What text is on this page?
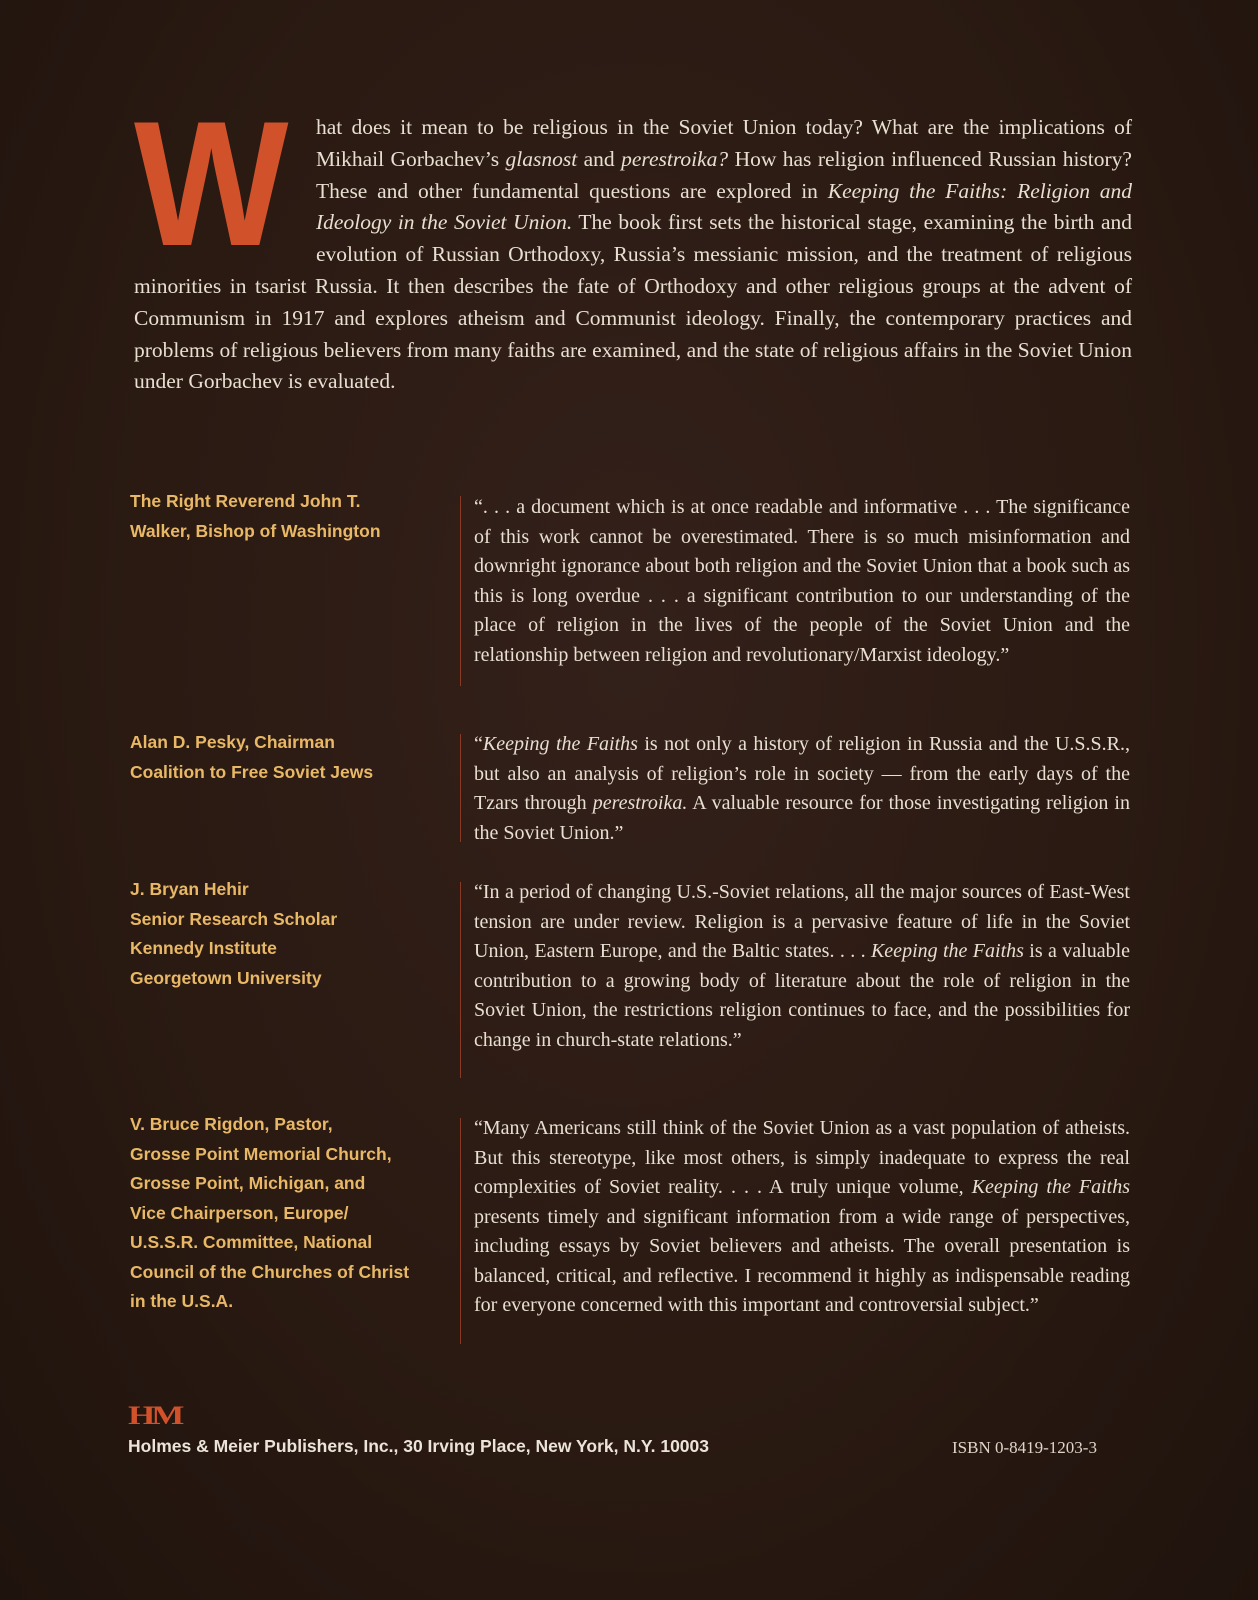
W hat does it mean to be religious in the Soviet Union today? What are the implications of Mikhail Gorbachev’s glasnost and perestroika? How has religion influenced Russian history? These and other fundamental questions are explored in Keeping the Faiths: Religion and Ideology in the Soviet Union. The book first sets the historical stage, examining the birth and evolution of Russian Orthodoxy, Russia’s messianic mission, and the treatment of religious minorities in tsarist Russia. It then describes the fate of Orthodoxy and other religious groups at the advent of Communism in 1917 and explores atheism and Communist ideology. Finally, the contemporary practices and problems of religious believers from many faiths are examined, and the state of religious affairs in the Soviet Union under Gorbachev is evaluated.
The Right Reverend John T.
Walker, Bishop of Washington
“. . . a document which is at once readable and informative . . . The significance of this work cannot be overestimated. There is so much misinformation and downright ignorance about both religion and the Soviet Union that a book such as this is long overdue . . . a significant contribution to our understanding of the place of religion in the lives of the people of the Soviet Union and the relationship between religion and revolutionary/Marxist ideology.”
Alan D. Pesky, Chairman
Coalition to Free Soviet Jews
“Keeping the Faiths is not only a history of religion in Russia and the U.S.S.R., but also an analysis of religion’s role in society — from the early days of the Tzars through perestroika. A valuable resource for those investigating religion in the Soviet Union.”
J. Bryan Hehir
Senior Research Scholar
Kennedy Institute
Georgetown University
“In a period of changing U.S.-Soviet relations, all the major sources of East-West tension are under review. Religion is a pervasive feature of life in the Soviet Union, Eastern Europe, and the Baltic states. . . . Keeping the Faiths is a valuable contribution to a growing body of literature about the role of religion in the Soviet Union, the restrictions religion continues to face, and the possibilities for change in church-state relations.”
V. Bruce Rigdon, Pastor,
Grosse Point Memorial Church,
Grosse Point, Michigan, and
Vice Chairperson, Europe/
U.S.S.R. Committee, National
Council of the Churches of Christ
in the U.S.A.
“Many Americans still think of the Soviet Union as a vast population of atheists. But this stereotype, like most others, is simply inadequate to express the real complexities of Soviet reality. . . . A truly unique volume, Keeping the Faiths presents timely and significant information from a wide range of perspectives, including essays by Soviet believers and atheists. The overall presentation is balanced, critical, and reflective. I recommend it highly as indispensable reading for everyone concerned with this important and controversial subject.”
HM
Holmes & Meier Publishers, Inc., 30 Irving Place, New York, N.Y. 10003	ISBN 0-8419-1203-3
